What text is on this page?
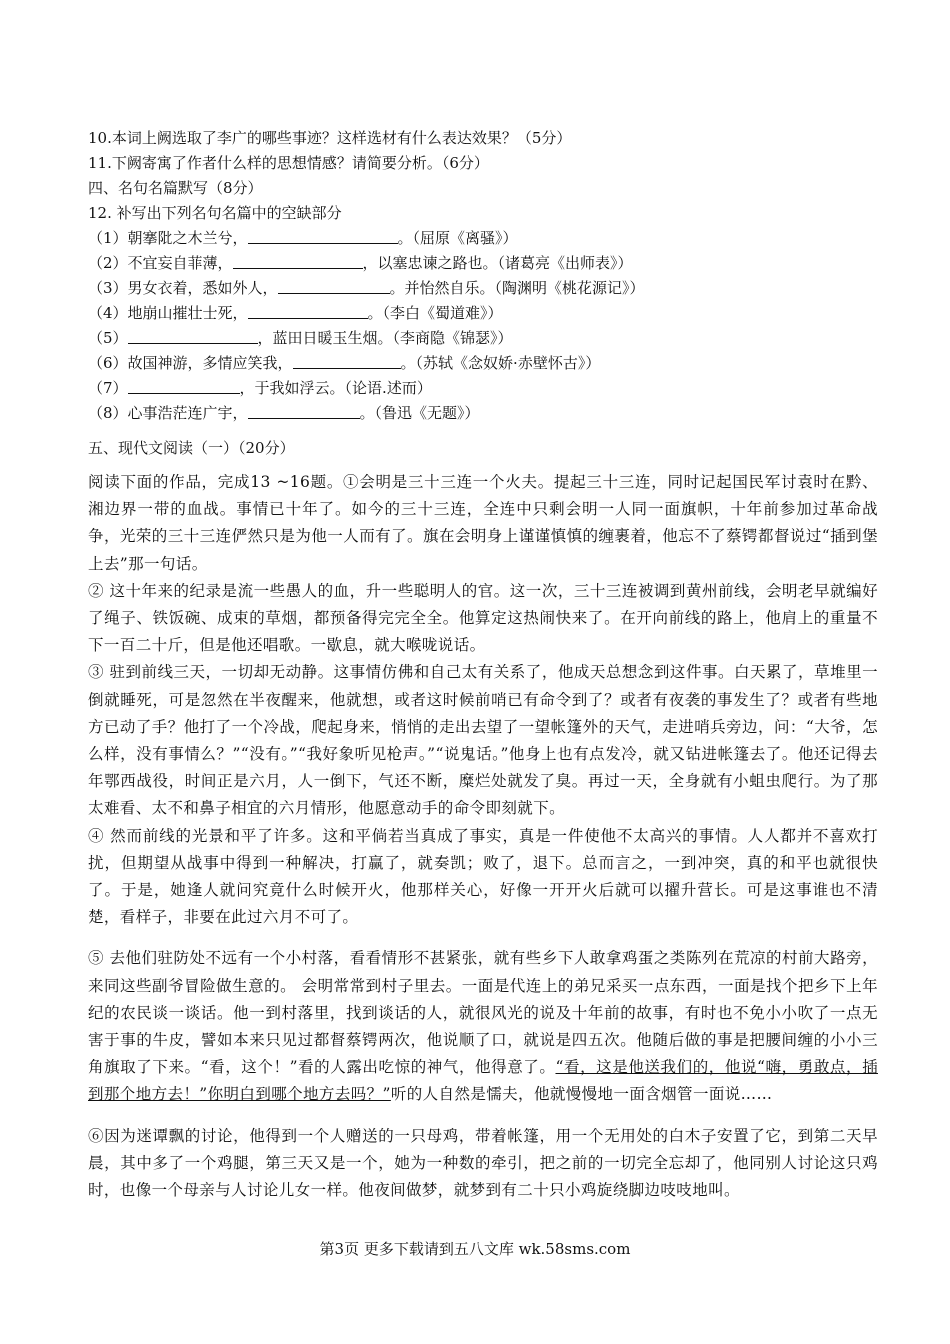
10.本词上阙选取了李广的哪些事迹？这样选材有什么表达效果？（5分）
11.下阙寄寓了作者什么样的思想情感？请简要分析。（6分）
四、名句名篇默写（8分）
12. 补写出下列名句名篇中的空缺部分
（1）朝搴阰之木兰兮，	。（屈原《离骚》）
（2）不宜妄自菲薄，	，以塞忠谏之路也。（诸葛亮《出师表》）
（3）男女衣着，悉如外人，	。并怡然自乐。（陶渊明《桃花源记》）
（4）地崩山摧壮士死，	。（李白《蜀道难》）
（5）	，蓝田日暖玉生烟。（李商隐《锦瑟》）
（6）故国神游，多情应笑我，	。（苏轼《念奴娇·赤壁怀古》）
（7）	，于我如浮云。（论语.述而）
（8）心事浩茫连广宇，	。（鲁迅《无题》）
五、现代文阅读（一）（20分）
阅读下面的作品，完成13 ~16题。①会明是三十三连一个火夫。提起三十三连，同时记起国民军讨袁时在黔、湘边界一带的血战。事情已十年了。如今的三十三连，全连中只剩会明一人同一面旗帜，十年前参加过革命战争，光荣的三十三连俨然只是为他一人而有了。旗在会明身上谨谨慎慎的缠裹着，他忘不了蔡锷都督说过“插到堡上去”那一句话。
② 这十年来的纪录是流一些愚人的血，升一些聪明人的官。这一次，三十三连被调到黄州前线，会明老早就编好了绳子、铁饭碗、成束的草烟，都预备得完完全全。他算定这热闹快来了。在开向前线的路上，他肩上的重量不下一百二十斤，但是他还唱歌。一歇息，就大喉咙说话。
③ 驻到前线三天，一切却无动静。这事情仿佛和自己太有关系了，他成天总想念到这件事。白天累了，草堆里一倒就睡死，可是忽然在半夜醒来，他就想，或者这时候前哨已有命令到了？或者有夜袭的事发生了？或者有些地方已动了手？他打了一个冷战，爬起身来，悄悄的走出去望了一望帐篷外的天气，走进哨兵旁边，问：“大爷，怎么样，没有事情么？”“没有。”“我好象听见枪声。”“说鬼话。”他身上也有点发冷，就又钻进帐篷去了。他还记得去年鄂西战役，时间正是六月，人一倒下，气还不断，糜烂处就发了臭。再过一天，全身就有小蛆虫爬行。为了那太难看、太不和鼻子相宜的六月情形，他愿意动手的命令即刻就下。
④ 然而前线的光景和平了许多。这和平倘若当真成了事实，真是一件使他不太高兴的事情。人人都并不喜欢打扰，但期望从战事中得到一种解决，打赢了，就奏凯；败了，退下。总而言之，一到冲突，真的和平也就很快了。于是，她逢人就问究竟什么时候开火，他那样关心，好像一开开火后就可以擢升营长。可是这事谁也不清楚，看样子，非要在此过六月不可了。
⑤ 去他们驻防处不远有一个小村落，看看情形不甚紧张，就有些乡下人敢拿鸡蛋之类陈列在荒凉的村前大路旁，来同这些副爷冒险做生意的。 会明常常到村子里去。一面是代连上的弟兄采买一点东西，一面是找个把乡下上年纪的农民谈一谈话。他一到村落里，找到谈话的人，就很风光的说及十年前的故事，有时也不免小小吹了一点无害于事的牛皮，譬如本来只见过都督蔡锷两次，他说顺了口，就说是四五次。他随后做的事是把腰间缠的小小三角旗取了下来。“看，这个！”看的人露出吃惊的神气，他得意了。“看，这是他送我们的，他说“嗨，勇敢点，插到那个地方去！”你明白到哪个地方去吗？”听的人自然是懦夫，他就慢慢地一面含烟管一面说……
⑥因为迷谭飘的讨论，他得到一个人赠送的一只母鸡，带着帐篷，用一个无用处的白木子安置了它，到第二天早晨，其中多了一个鸡腿，第三天又是一个，她为一种数的牵引，把之前的一切完全忘却了，他同别人讨论这只鸡时，也像一个母亲与人讨论儿女一样。他夜间做梦，就梦到有二十只小鸡旋绕脚边吱吱地叫。
第3页 更多下载请到五八文库 wk.58sms.com
